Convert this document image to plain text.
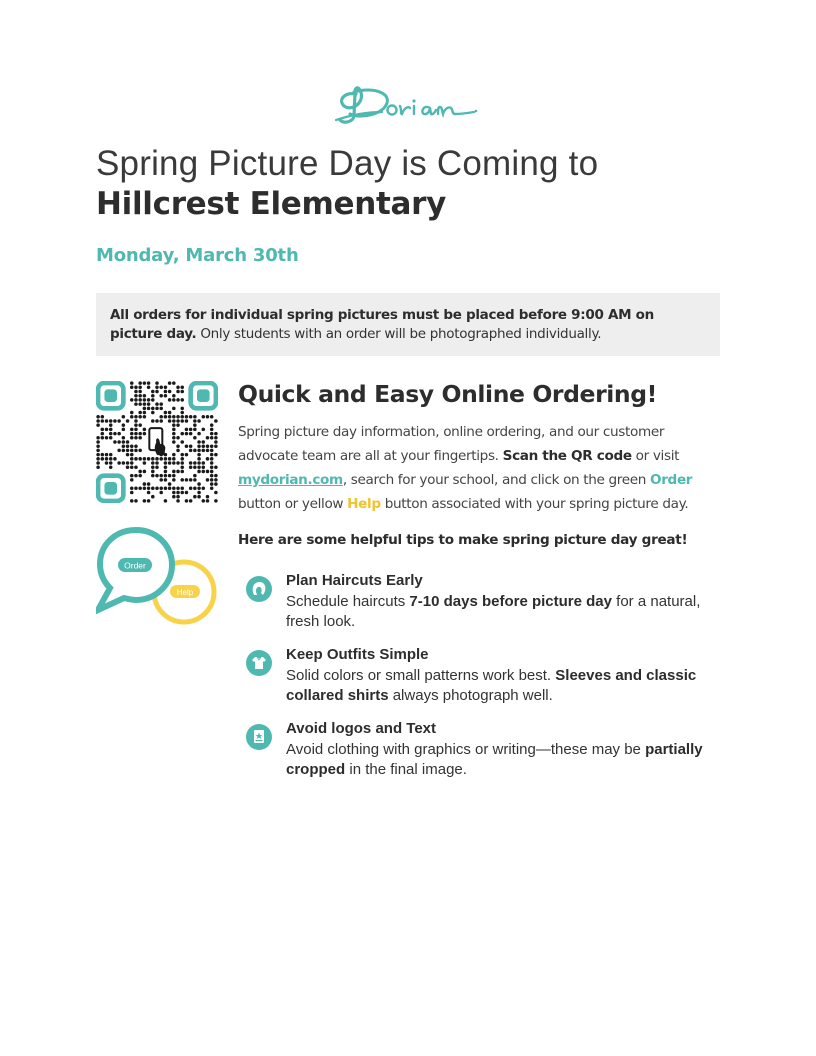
Spring Picture Day is Coming to
Hillcrest Elementary
Monday, March 30th
All orders for individual spring pictures must be placed before 9:00 AM on picture day. Only students with an order will be photographed individually.
Help
Order
Quick and Easy Online Ordering!
Spring picture day information, online ordering, and our customer advocate team are all at your fingertips. Scan the QR code or visit
mydorian.com, search for your school, and click on the green Order
button or yellow Help button associated with your spring picture day.
Here are some helpful tips to make spring picture day great!
Plan Haircuts Early
Schedule haircuts 7-10 days before picture day for a natural, fresh look.
Keep Outfits Simple
Solid colors or small patterns work best. Sleeves and classic collared shirts always photograph well.
Avoid logos and Text
Avoid clothing with graphics or writing—these may be partially cropped in the final image.
